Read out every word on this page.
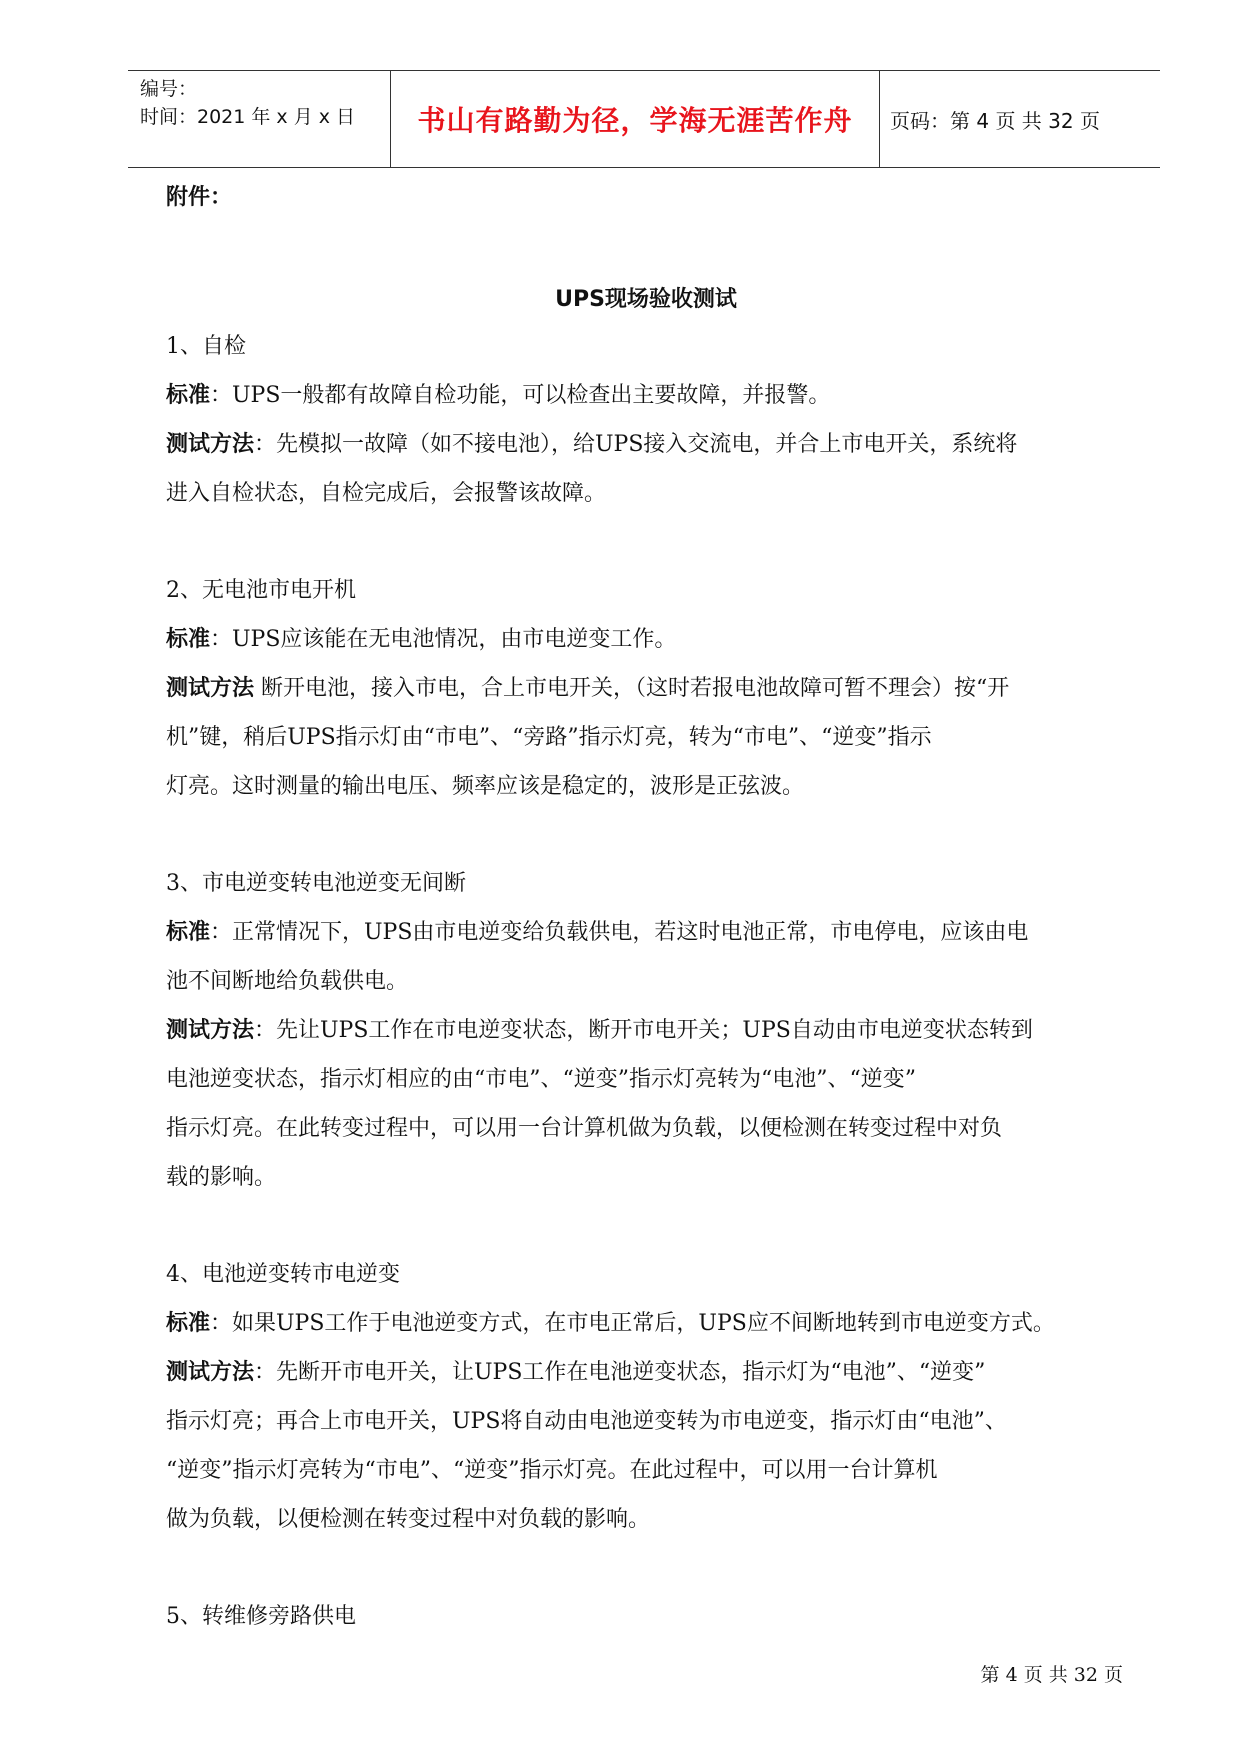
编号：
时间：2021 年 x 月 x 日	书山有路勤为径，学海无涯苦作舟	页码：第 4 页 共 32 页
附件：
UPS现场验收测试
1、自检
标准：UPS一般都有故障自检功能，可以检查出主要故障，并报警。
测试方法：先模拟一故障（如不接电池），给UPS接入交流电，并合上市电开关，系统将
进入自检状态，自检完成后，会报警该故障。
2、无电池市电开机
标准：UPS应该能在无电池情况，由市电逆变工作。
测试方法 断开电池，接入市电，合上市电开关，（这时若报电池故障可暂不理会）按“开
机”键，稍后UPS指示灯由“市电”、“旁路”指示灯亮，转为“市电”、“逆变”指示
灯亮。这时测量的输出电压、频率应该是稳定的，波形是正弦波。
3、市电逆变转电池逆变无间断
标准：正常情况下，UPS由市电逆变给负载供电，若这时电池正常，市电停电，应该由电
池不间断地给负载供电。
测试方法：先让UPS工作在市电逆变状态，断开市电开关；UPS自动由市电逆变状态转到
电池逆变状态，指示灯相应的由“市电”、“逆变”指示灯亮转为“电池”、“逆变”
指示灯亮。在此转变过程中，可以用一台计算机做为负载，以便检测在转变过程中对负
载的影响。
4、电池逆变转市电逆变
标准：如果UPS工作于电池逆变方式，在市电正常后，UPS应不间断地转到市电逆变方式。
测试方法：先断开市电开关，让UPS工作在电池逆变状态，指示灯为“电池”、“逆变”
指示灯亮；再合上市电开关，UPS将自动由电池逆变转为市电逆变，指示灯由“电池”、
“逆变”指示灯亮转为“市电”、“逆变”指示灯亮。在此过程中，可以用一台计算机
做为负载，以便检测在转变过程中对负载的影响。
5、转维修旁路供电
第 4 页 共 32 页
